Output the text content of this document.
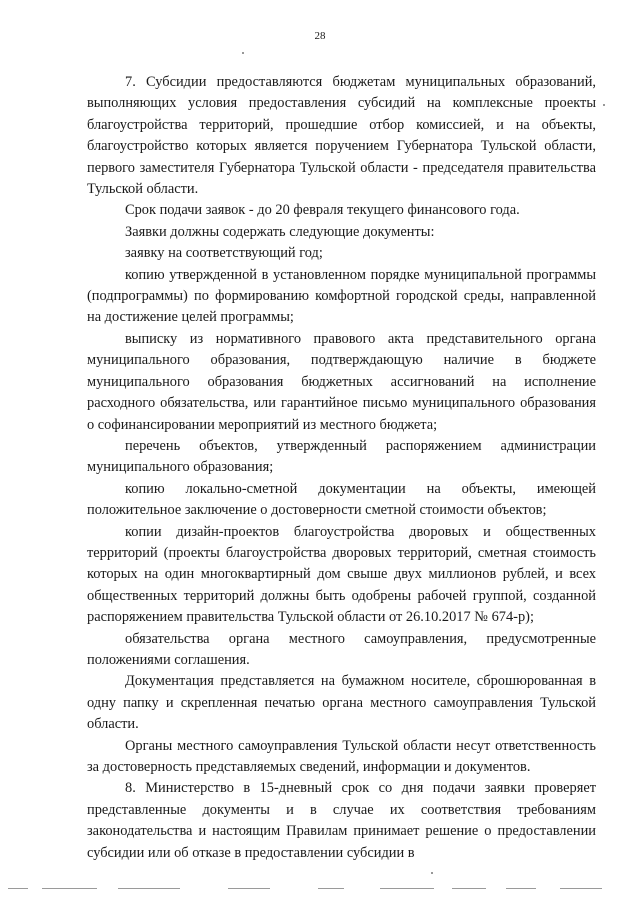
28

7. Субсидии предоставляются бюджетам муниципальных образований, выполняющих условия предоставления субсидий на комплексные проекты благоустройства территорий, прошедшие отбор комиссией, и на объекты, благоустройство которых является поручением Губернатора Тульской области, первого заместителя Губернатора Тульской области - председателя правительства Тульской области.

Срок подачи заявок - до 20 февраля текущего финансового года.

Заявки должны содержать следующие документы:

заявку на соответствующий год;

копию утвержденной в установленном порядке муниципальной программы (подпрограммы) по формированию комфортной городской среды, направленной на достижение целей программы;

выписку из нормативного правового акта представительного органа муниципального образования, подтверждающую наличие в бюджете муниципального образования бюджетных ассигнований на исполнение расходного обязательства, или гарантийное письмо муниципального образования о софинансировании мероприятий из местного бюджета;

перечень объектов, утвержденный распоряжением администрации муниципального образования;

копию локально-сметной документации на объекты, имеющей положительное заключение о достоверности сметной стоимости объектов;

копии дизайн-проектов благоустройства дворовых и общественных территорий (проекты благоустройства дворовых территорий, сметная стоимость которых на один многоквартирный дом свыше двух миллионов рублей, и всех общественных территорий должны быть одобрены рабочей группой, созданной распоряжением правительства Тульской области от 26.10.2017 № 674-р);

обязательства органа местного самоуправления, предусмотренные положениями соглашения.

Документация представляется на бумажном носителе, сброшюрованная в одну папку и скрепленная печатью органа местного самоуправления Тульской области.

Органы местного самоуправления Тульской области несут ответственность за достоверность представляемых сведений, информации и документов.

8. Министерство в 15-дневный срок со дня подачи заявки проверяет представленные документы и в случае их соответствия требованиям законодательства и настоящим Правилам принимает решение о предоставлении субсидии или об отказе в предоставлении субсидии в
